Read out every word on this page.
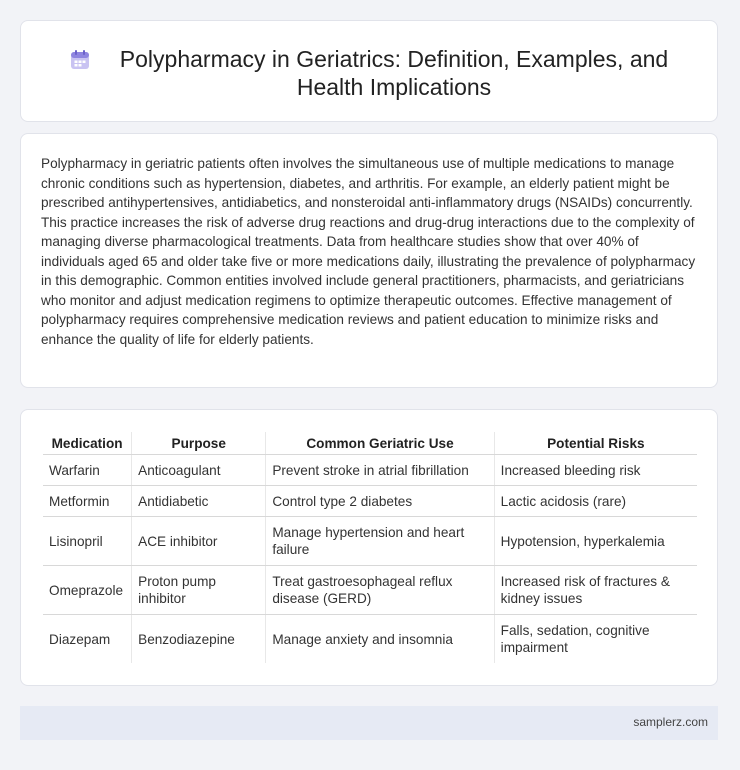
Polypharmacy in Geriatrics: Definition, Examples, and Health Implications

Polypharmacy in geriatric patients often involves the simultaneous use of multiple medications to manage chronic conditions such as hypertension, diabetes, and arthritis. For example, an elderly patient might be prescribed antihypertensives, antidiabetics, and nonsteroidal anti-inflammatory drugs (NSAIDs) concurrently. This practice increases the risk of adverse drug reactions and drug-drug interactions due to the complexity of managing diverse pharmacological treatments. Data from healthcare studies show that over 40% of individuals aged 65 and older take five or more medications daily, illustrating the prevalence of polypharmacy in this demographic. Common entities involved include general practitioners, pharmacists, and geriatricians who monitor and adjust medication regimens to optimize therapeutic outcomes. Effective management of polypharmacy requires comprehensive medication reviews and patient education to minimize risks and enhance the quality of life for elderly patients.

Medication	Purpose	Common Geriatric Use	Potential Risks
Warfarin	Anticoagulant	Prevent stroke in atrial fibrillation	Increased bleeding risk
Metformin	Antidiabetic	Control type 2 diabetes	Lactic acidosis (rare)
Lisinopril	ACE inhibitor	Manage hypertension and heart failure	Hypotension, hyperkalemia
Omeprazole	Proton pump inhibitor	Treat gastroesophageal reflux disease (GERD)	Increased risk of fractures & kidney issues
Diazepam	Benzodiazepine	Manage anxiety and insomnia	Falls, sedation, cognitive impairment
samplerz.com
